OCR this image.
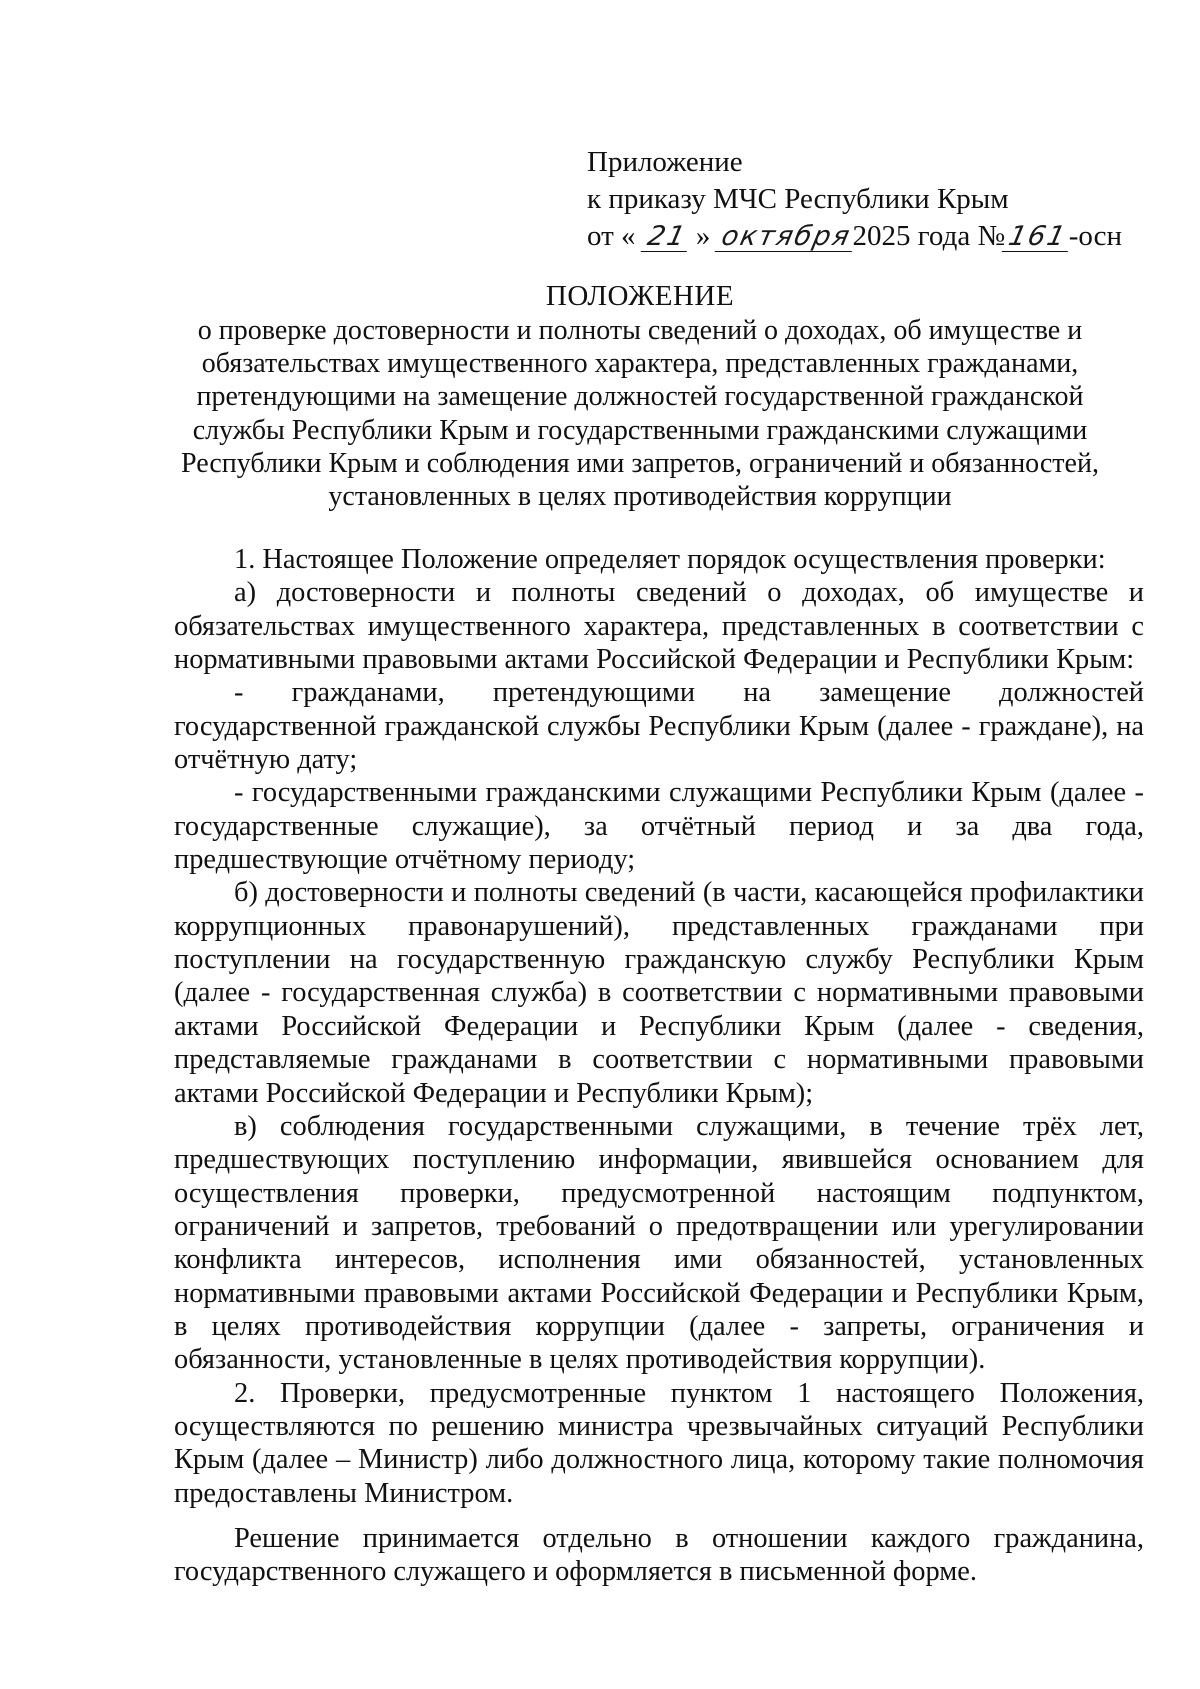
Приложение
к приказу МЧС Республики Крым
от « 21 » октября2025 года №161-осн
ПОЛОЖЕНИЕ
о проверке достоверности и полноты сведений о доходах, об имуществе и обязательствах имущественного характера, представленных гражданами, претендующими на замещение должностей государственной гражданской службы Республики Крым и государственными гражданскими служащими Республики Крым и соблюдения ими запретов, ограничений и обязанностей, установленных в целях противодействия коррупции

1. Настоящее Положение определяет порядок осуществления проверки:

а) достоверности и полноты сведений о доходах, об имуществе и обязательствах имущественного характера, представленных в соответствии с нормативными правовыми актами Российской Федерации и Республики Крым:

- гражданами, претендующими на замещение должностей государственной гражданской службы Республики Крым (далее - граждане), на отчётную дату;

- государственными гражданскими служащими Республики Крым (далее - государственные служащие), за отчётный период и за два года, предшествующие отчётному периоду;

б) достоверности и полноты сведений (в части, касающейся профилактики коррупционных правонарушений), представленных гражданами при поступлении на государственную гражданскую службу Республики Крым (далее - государственная служба) в соответствии с нормативными правовыми актами Российской Федерации и Республики Крым (далее - сведения, представляемые гражданами в соответствии с нормативными правовыми актами Российской Федерации и Республики Крым);

в) соблюдения государственными служащими, в течение трёх лет, предшествующих поступлению информации, явившейся основанием для осуществления проверки, предусмотренной настоящим подпунктом, ограничений и запретов, требований о предотвращении или урегулировании конфликта интересов, исполнения ими обязанностей, установленных нормативными правовыми актами Российской Федерации и Республики Крым, в целях противодействия коррупции (далее - запреты, ограничения и обязанности, установленные в целях противодействия коррупции).

2. Проверки, предусмотренные пунктом 1 настоящего Положения, осуществляются по решению министра чрезвычайных ситуаций Республики Крым (далее – Министр) либо должностного лица, которому такие полномочия предоставлены Министром.

Решение принимается отдельно в отношении каждого гражданина, государственного служащего и оформляется в письменной форме.
